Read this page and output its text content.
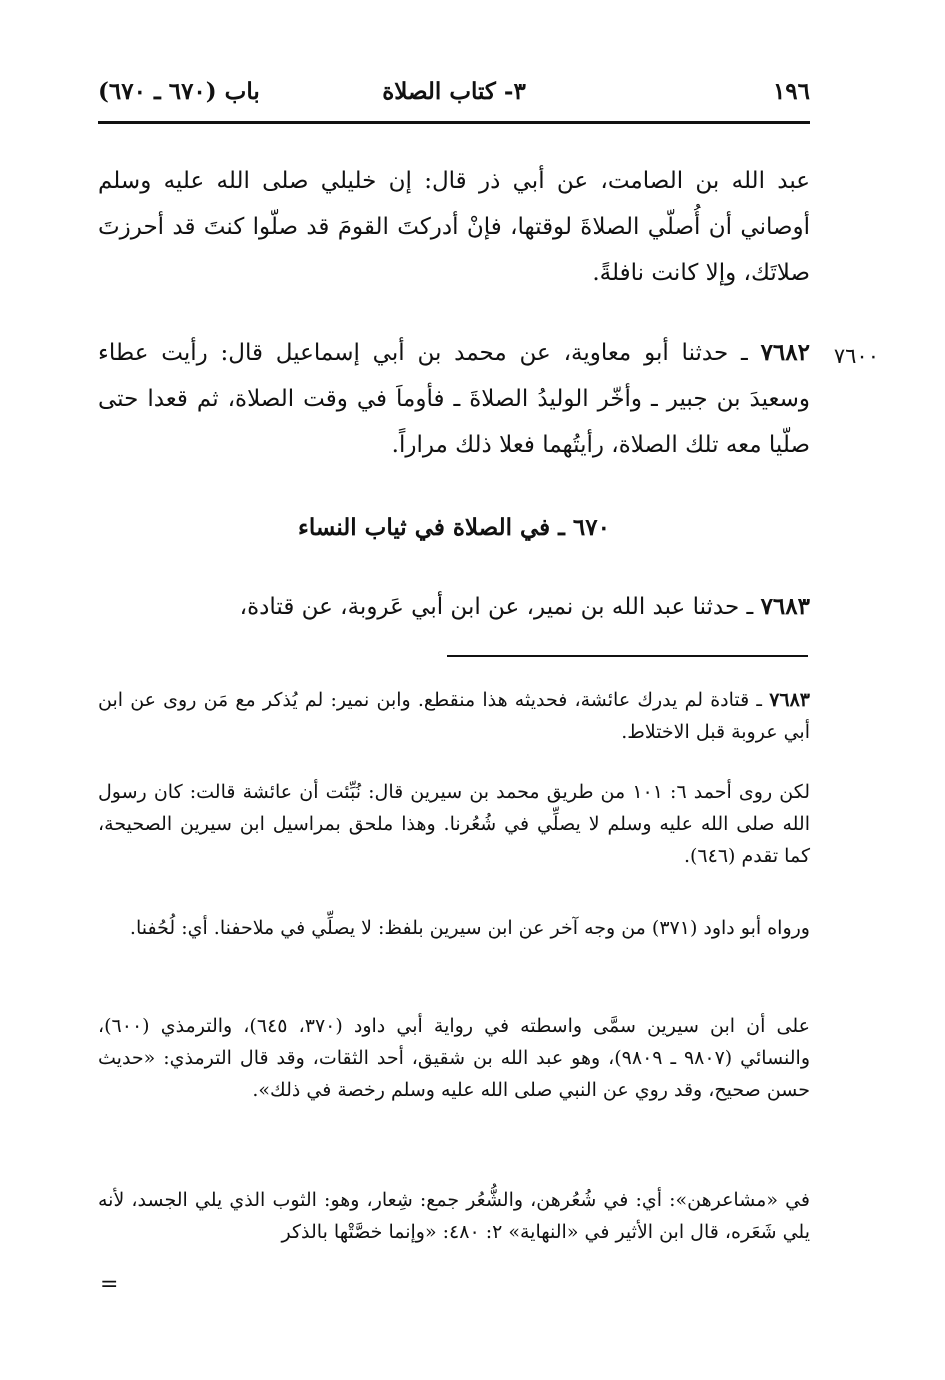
١٩٦
٣- كتاب الصلاة
باب (٦٧٠ ـ ٦٧٠)

عبد الله بن الصامت، عن أبي ذر قال: إن خليلي صلى الله عليه وسلم أوصاني أن أُصلّي الصلاةَ لوقتها، فإنْ أدركتَ القومَ قد صلّوا كنتَ قد أحرزتَ صلاتَك، وإلا كانت نافلةً.

٧٦٠٠

٧٦٨٢ ـ حدثنا أبو معاوية، عن محمد بن أبي إسماعيل قال: رأيت عطاء وسعيدَ بن جبير ـ وأخّر الوليدُ الصلاةَ ـ فأوماَ في وقت الصلاة، ثم قعدا حتى صلّيا معه تلك الصلاة، رأيتُهما فعلا ذلك مراراً.

٦٧٠ ـ في الصلاة في ثياب النساء

٧٦٨٣ ـ حدثنا عبد الله بن نمير، عن ابن أبي عَروبة، عن قتادة،

٧٦٨٣ ـ قتادة لم يدرك عائشة، فحديثه هذا منقطع. وابن نمير: لم يُذكر مع مَن روى عن ابن أبي عروبة قبل الاختلاط.

لكن روى أحمد ٦: ١٠١ من طريق محمد بن سيرين قال: نُبِّئت أن عائشة قالت: كان رسول الله صلى الله عليه وسلم لا يصلِّي في شُعُرنا. وهذا ملحق بمراسيل ابن سيرين الصحيحة، كما تقدم (٦٤٦).

ورواه أبو داود (٣٧١) من وجه آخر عن ابن سيرين بلفظ: لا يصلِّي في ملاحفنا. أي: لُحُفنا.

على أن ابن سيرين سمَّى واسطته في رواية أبي داود (٣٧٠، ٦٤٥)، والترمذي (٦٠٠)، والنسائي (٩٨٠٧ ـ ٩٨٠٩)، وهو عبد الله بن شقيق، أحد الثقات، وقد قال الترمذي: «حديث حسن صحيح، وقد روي عن النبي صلى الله عليه وسلم رخصة في ذلك».

في «مشاعرهن»: أي: في شُعُرهن، والشُّعُر جمع: شِعار، وهو: الثوب الذي يلي الجسد، لأنه يلي شَعَره، قال ابن الأثير في «النهاية» ٢: ٤٨٠: «وإنما خصَّتْها بالذكر

=
